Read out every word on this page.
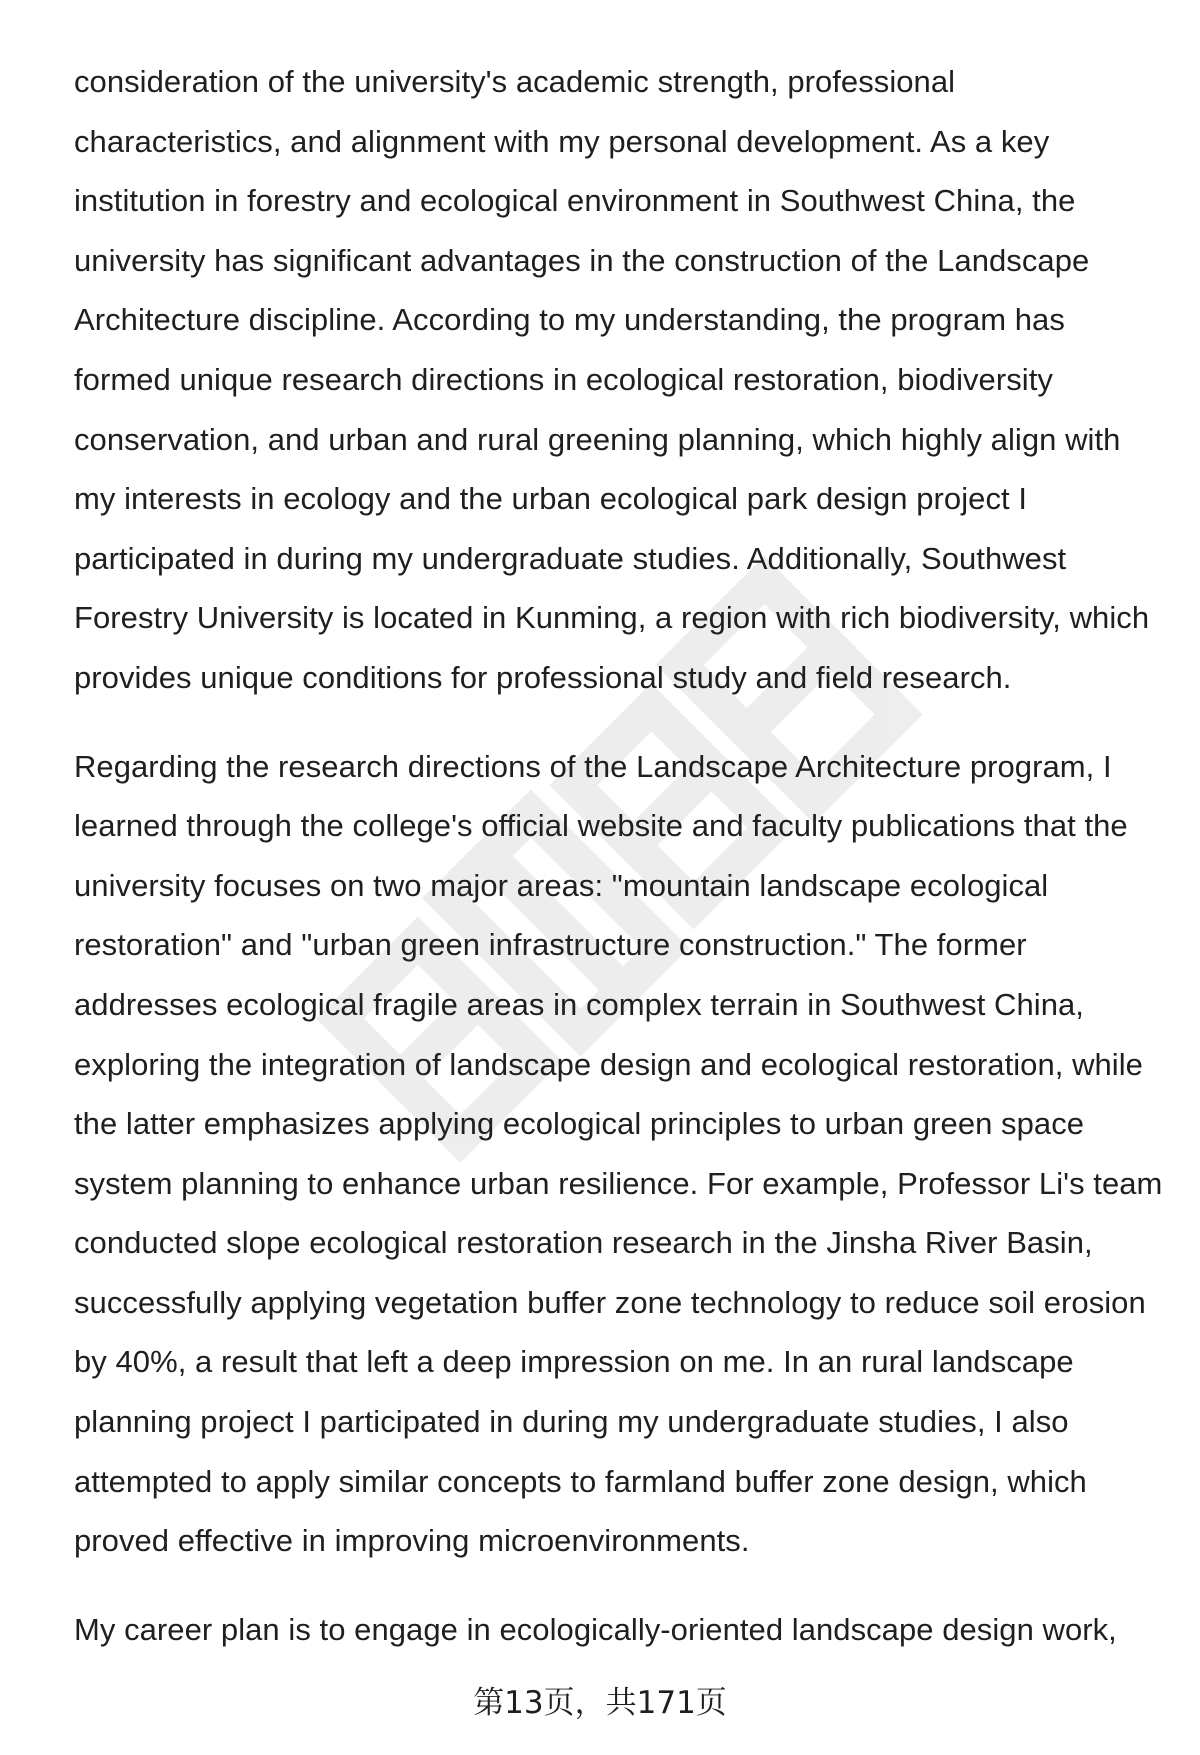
consideration of the university's academic strength, professional characteristics, and alignment with my personal development. As a key institution in forestry and ecological environment in Southwest China, the university has significant advantages in the construction of the Landscape Architecture discipline. According to my understanding, the program has formed unique research directions in ecological restoration, biodiversity conservation, and urban and rural greening planning, which highly align with my interests in ecology and the urban ecological park design project I participated in during my undergraduate studies. Additionally, Southwest Forestry University is located in Kunming, a region with rich biodiversity, which provides unique conditions for professional study and field research.

Regarding the research directions of the Landscape Architecture program, I learned through the college's official website and faculty publications that the university focuses on two major areas: "mountain landscape ecological restoration" and "urban green infrastructure construction." The former addresses ecological fragile areas in complex terrain in Southwest China, exploring the integration of landscape design and ecological restoration, while the latter emphasizes applying ecological principles to urban green space system planning to enhance urban resilience. For example, Professor Li's team conducted slope ecological restoration research in the Jinsha River Basin, successfully applying vegetation buffer zone technology to reduce soil erosion by 40%, a result that left a deep impression on me. In an rural landscape planning project I participated in during my undergraduate studies, I also attempted to apply similar concepts to farmland buffer zone design, which proved effective in improving microenvironments.

My career plan is to engage in ecologically-oriented landscape design work,

第13页，共171页
